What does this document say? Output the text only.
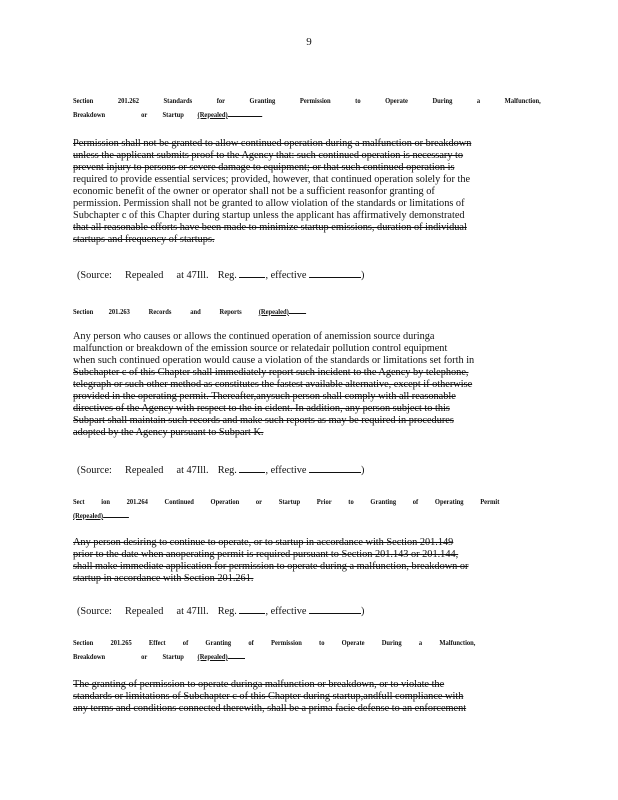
9
Section	201.262	Standards	for	Granting	Permission	to	Operate	During	a	Malfunction,
Breakdown	or Startup (Repealed)
Permission shall not be granted to allow continued operation during a malfunction or breakdown
unless the applicant submits proof to the Agency that: such continued operation is necessary to
prevent injury to persons or severe damage to equipment; or that such continued operation is
required to provide essential services; provided, however, that continued operation solely for the
economic benefit of the owner or operator shall not be a sufficient reasonfor granting of
permission. Permission shall not be granted to allow violation of the standards or limitations of
Subchapter c of this Chapter during startup unless the applicant has affirmatively demonstrated
that all reasonable efforts have been made to minimize startup emissions, duration of individual
startups and frequency of startups.
(Source: Repealed at 47Ill. Reg.	, effective	)
Section 201.263 Records and Reports (Repealed)
Any person who causes or allows the continued operation of anemission source duringa
malfunction or breakdown of the emission source or relatedair pollution control equipment
when such continued operation would cause a violation of the standards or limitations set forth in
Subchapter c of this Chapter shall immediately report such incident to the Agency by telephone,
telegraph or such other method as constitutes the fastest available alternative, except if otherwise
provided in the operating permit. Thereafter,anysuch person shall comply with all reasonable
directives of the Agency with respect to the in cident. In addition, any person subject to this
Subpart shall maintain such records and make such reports as may be required in procedures
adopted by the Agency pursuant to Subpart K.
(Source: Repealed at 47Ill. Reg.	, effective	)
Sect ion 201.264 Continued Operation or Startup Prior to Granting of Operating Permit
(Repealed)
Any person desiring to continue to operate, or to startup in accordance with Section 201.149
prior to the date when anoperating permit is required pursuant to Section 201.143 or 201.144,
shall make immediate application for permission to operate during a malfunction, breakdown or
startup in accordance with Section 201.261.
(Source: Repealed at 47Ill. Reg.	, effective	)
Section 201.265 Effect of Granting of Permission to Operate During a Malfunction,
Breakdown	or Startup (Repealed)
The granting of permission to operate duringa malfunction or breakdown, or to violate the
standards or limitations of Subchapter c of this Chapter during startup,andfull compliance with
any terms and conditions connected therewith, shall be a prima facie defense to an enforcement
